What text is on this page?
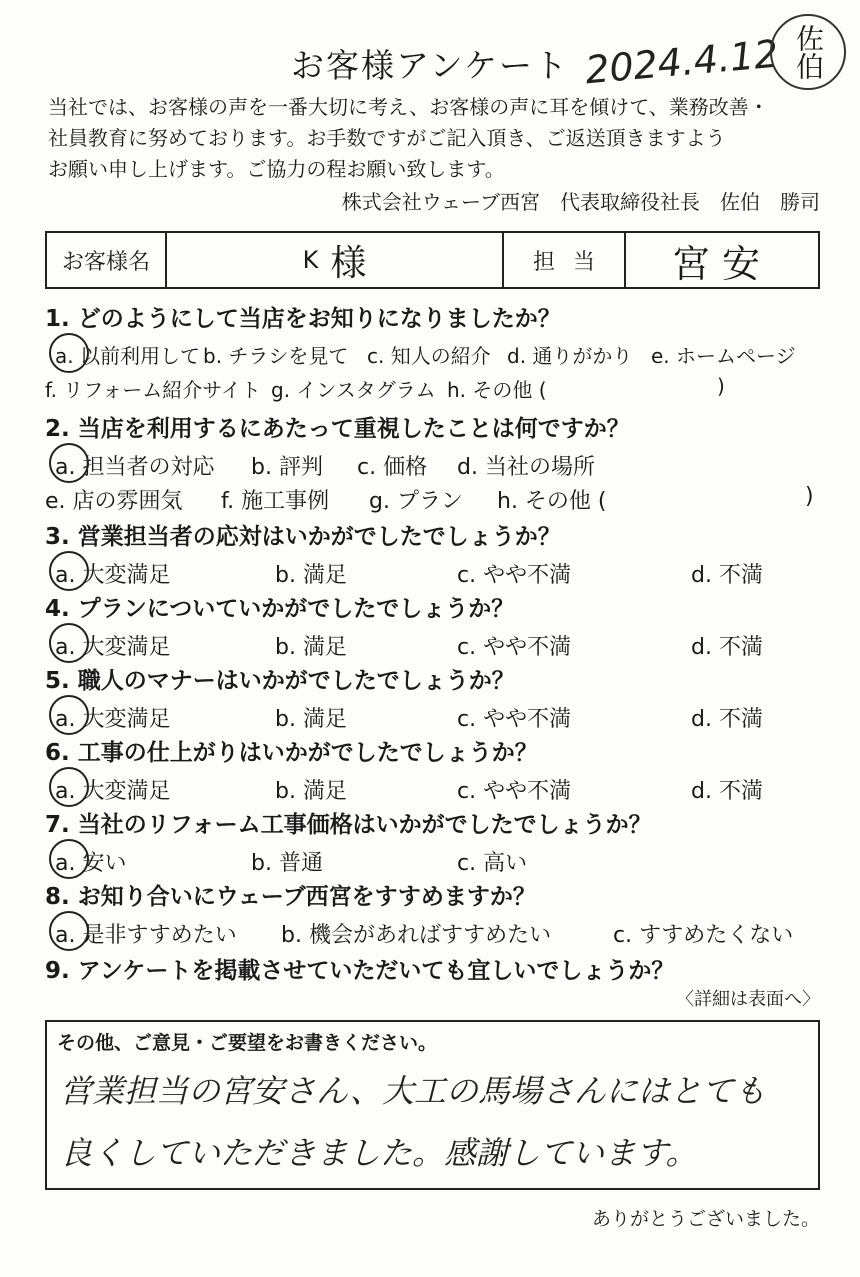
お客様アンケート 2024.4.12 佐伯
当社では、お客様の声を一番大切に考え、お客様の声に耳を傾けて、業務改善・
社員教育に努めております。お手数ですがご記入頂き、ご返送頂きますよう
お願い申し上げます。ご協力の程お願い致します。
株式会社ウェーブ西宮　代表取締役社長　佐伯　勝司
お客様名	K 様	担当	宮安
1. どのようにして当店をお知りになりましたか？
a. 以前利用して b. チラシを見て c. 知人の紹介 d. 通りがかり e. ホームページ
f. リフォーム紹介サイト g. インスタグラム h. その他 (	)
2. 当店を利用するにあたって重視したことは何ですか？
a. 担当者の対応 b. 評判 c. 価格 d. 当社の場所
e. 店の雰囲気 f. 施工事例 g. プラン h. その他 (	)
3. 営業担当者の応対はいかがでしたでしょうか？
a. 大変満足	b. 満足	c. やや不満	d. 不満
4. プランについていかがでしたでしょうか？
a. 大変満足	b. 満足	c. やや不満	d. 不満
5. 職人のマナーはいかがでしたでしょうか？
a. 大変満足	b. 満足	c. やや不満	d. 不満
6. 工事の仕上がりはいかがでしたでしょうか？
a. 大変満足	b. 満足	c. やや不満	d. 不満
7. 当社のリフォーム工事価格はいかがでしたでしょうか？
a. 安い	b. 普通	c. 高い
8. お知り合いにウェーブ西宮をすすめますか？
a. 是非すすめたい b. 機会があればすすめたい	c. すすめたくない
9. アンケートを掲載させていただいても宜しいでしょうか？
〈詳細は表面へ〉
その他、ご意見・ご要望をお書きください。
営業担当の宮安さん、大工の馬場さんにはとても
良くしていただきました。感謝しています。
ありがとうございました。
